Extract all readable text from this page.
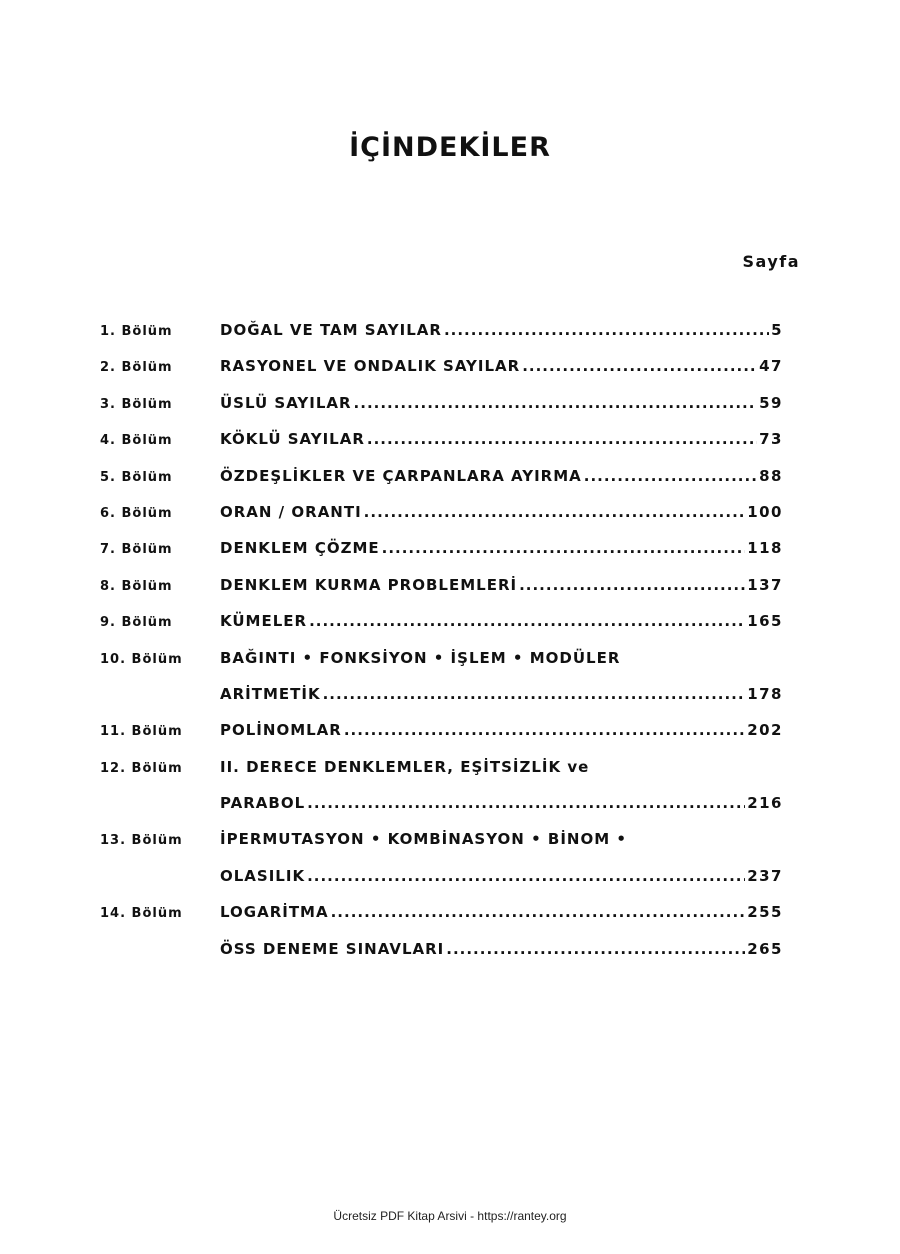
İÇİNDEKİLER
Sayfa
1. Bölüm	DOĞAL VE TAM SAYILAR .....	5
2. Bölüm	RASYONEL VE ONDALIK SAYILAR .....	47
3. Bölüm	ÜSLÜ SAYILAR .....	59
4. Bölüm	KÖKLÜ SAYILAR .....	73
5. Bölüm	ÖZDEŞLİKLER VE ÇARPANLARA AYIRMA .....	88
6. Bölüm	ORAN / ORANTI .....	100
7. Bölüm	DENKLEM ÇÖZME .....	118
8. Bölüm	DENKLEM KURMA PROBLEMLERİ .....	137
9. Bölüm	KÜMELER .....	165
10. Bölüm	BAĞINTI • FONKSİYON • İŞLEM • MODÜLER
ARİTMETİK .....	178
11. Bölüm	POLİNOMLAR .....	202
12. Bölüm	II. DERECE DENKLEMLER, EŞİTSİZLİK ve
PARABOL .....	216
13. Bölüm	İPERMUTASYON • KOMBİNASYON • BİNOM •
OLASILIK .....	237
14. Bölüm	LOGARİTMA .....	255
ÖSS DENEME SINAVLARI .....	265
Ücretsiz PDF Kitap Arsivi - https://rantey.org
